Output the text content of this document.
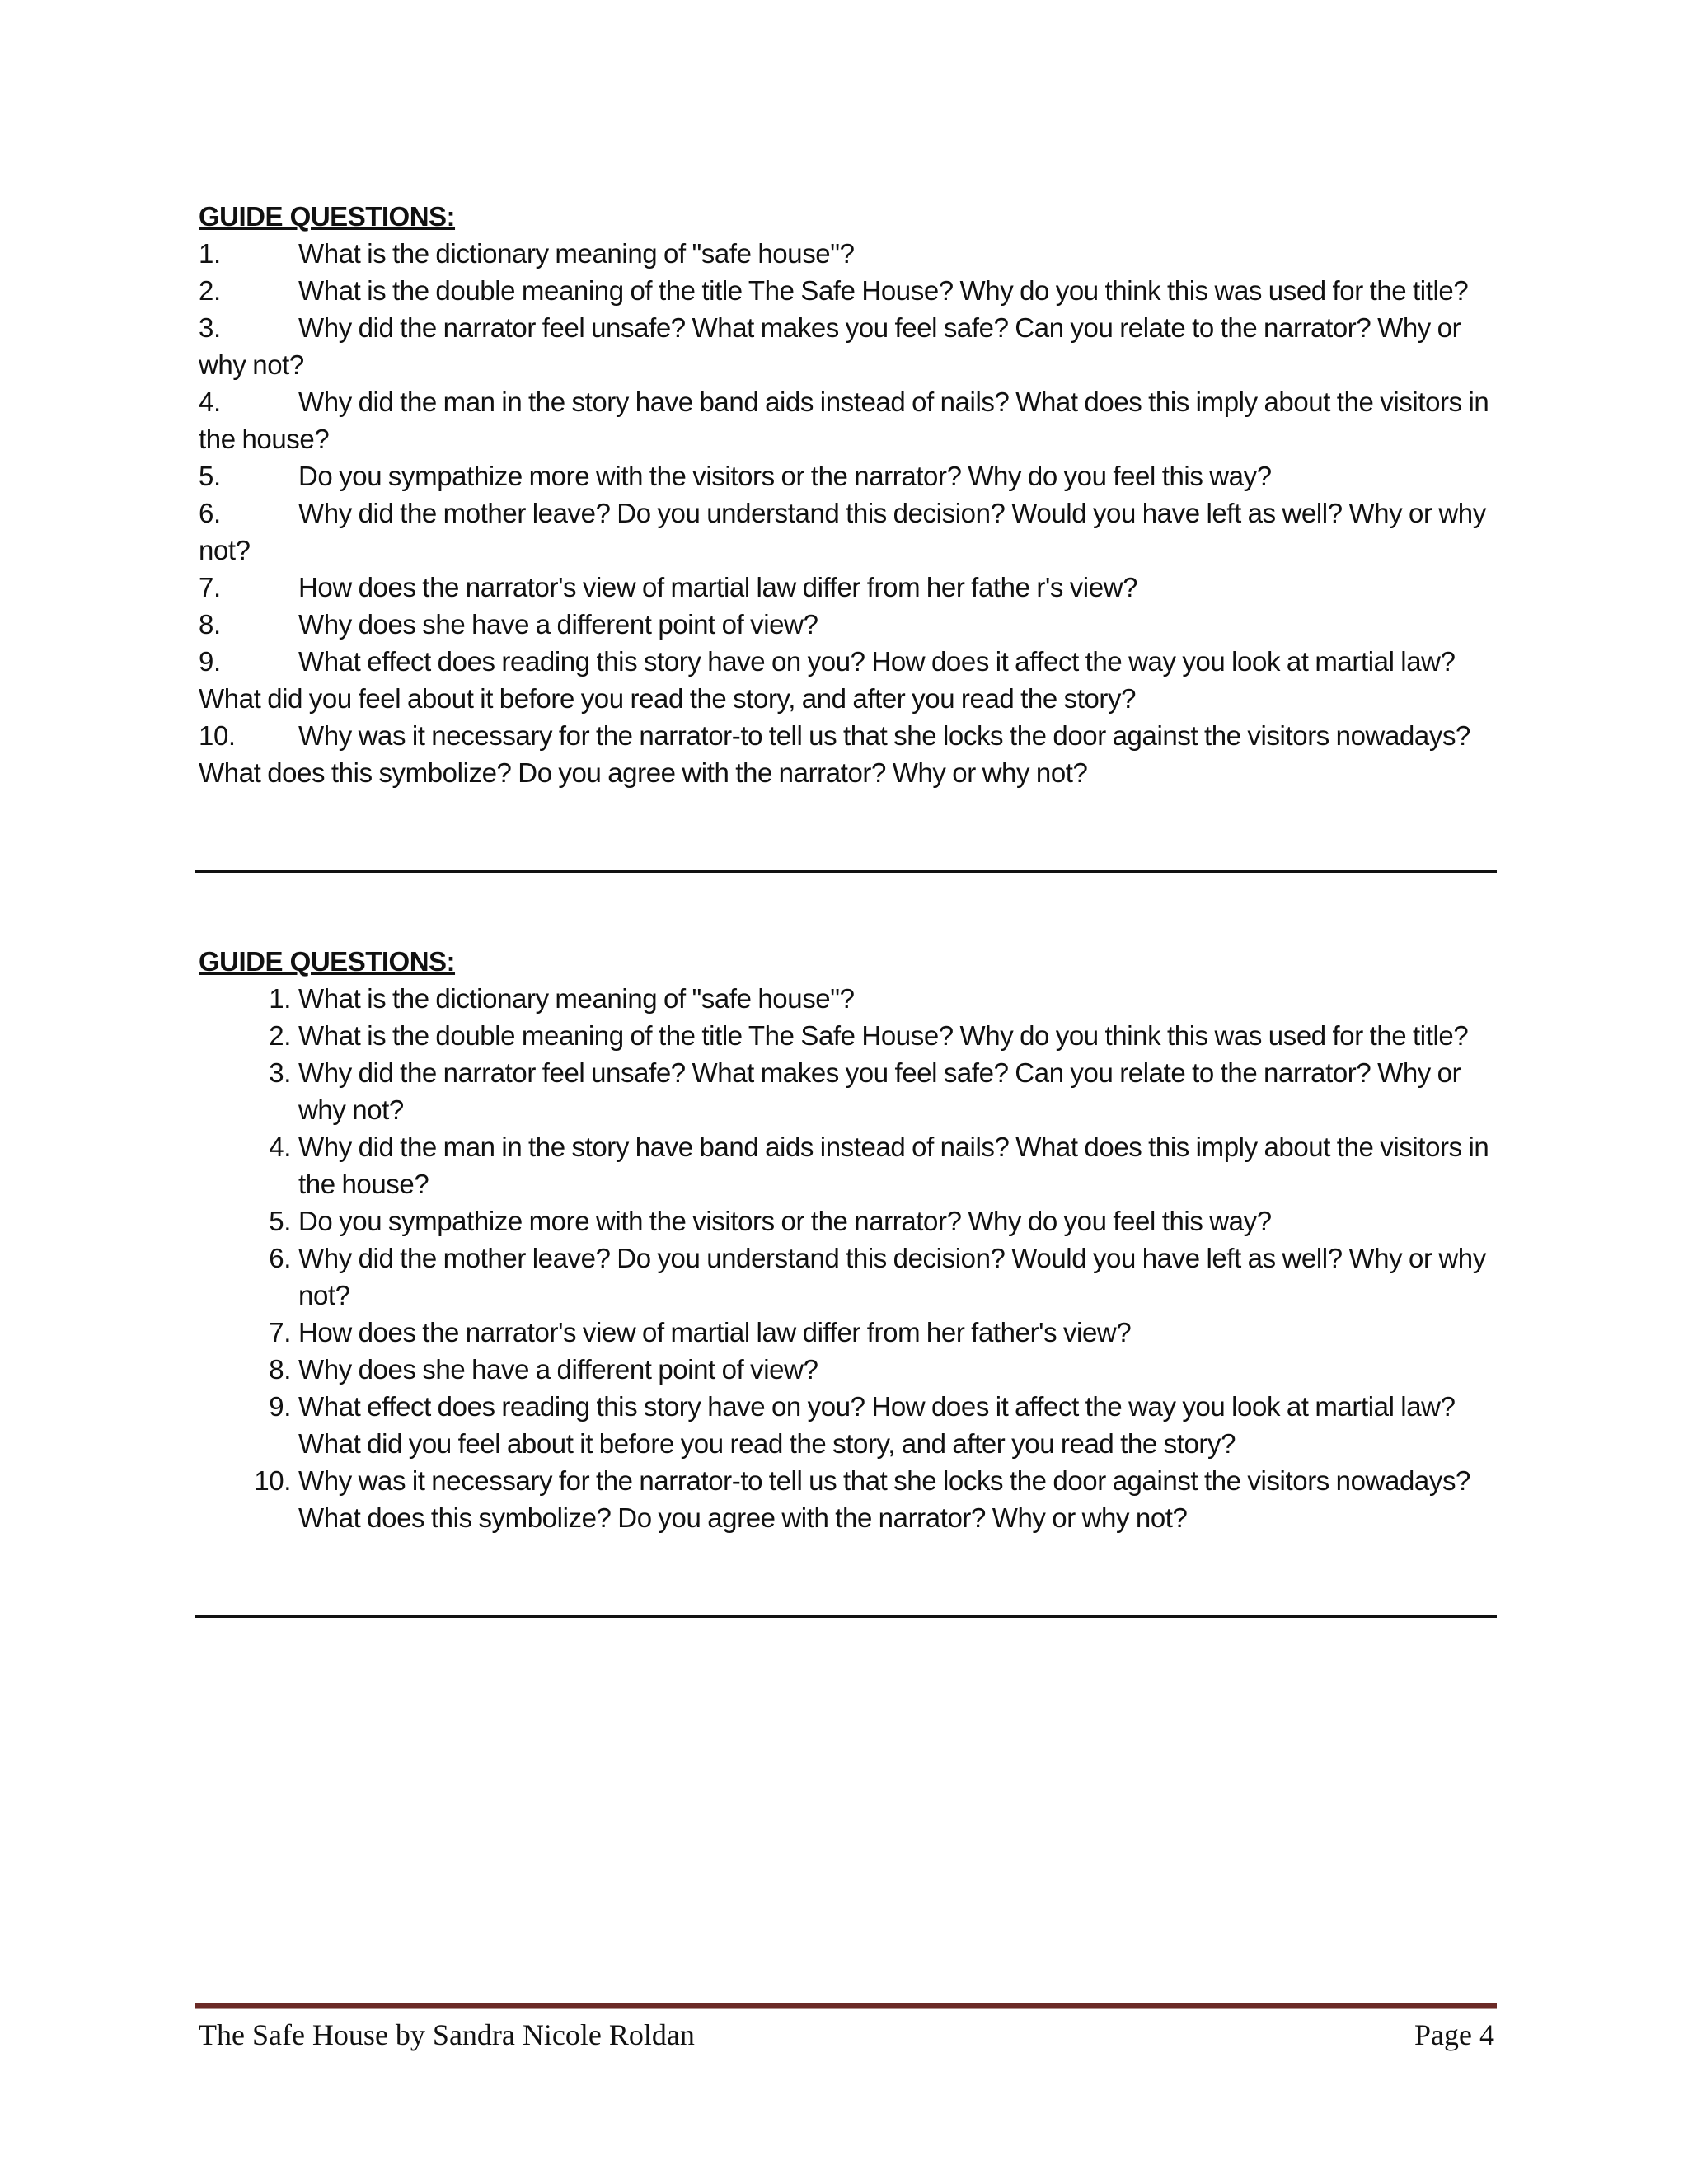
GUIDE QUESTIONS:

1.	What is the dictionary meaning of "safe house"?

2.	What is the double meaning of the title The Safe House? Why do you think this was used for the title?

3.	Why did the narrator feel unsafe? What makes you feel safe? Can you relate to the narrator? Why or why not?

4.	Why did the man in the story have band aids instead of nails? What does this imply about the visitors in the house?

5.	Do you sympathize more with the visitors or the narrator? Why do you feel this way?

6.	Why did the mother leave? Do you understand this decision? Would you have left as well? Why or why not?

7.	How does the narrator's view of martial law differ from her fathe r's view?

8.	Why does she have a different point of view?

9.	What effect does reading this story have on you? How does it affect the way you look at martial law? What did you feel about it before you read the story, and after you read the story?

10. Why was it necessary for the narrator-to tell us that she locks the door against the visitors nowadays? What does this symbolize? Do you agree with the narrator? Why or why not?

GUIDE QUESTIONS:

1. What is the dictionary meaning of "safe house"?

2. What is the double meaning of the title The Safe House? Why do you think this was used for the title?

3. Why did the narrator feel unsafe? What makes you feel safe? Can you relate to the narrator? Why or why not?

4. Why did the man in the story have band aids instead of nails? What does this imply about the visitors in the house?

5. Do you sympathize more with the visitors or the narrator? Why do you feel this way?

6. Why did the mother leave? Do you understand this decision? Would you have left as well? Why or why not?

7. How does the narrator's view of martial law differ from her father's view?

8. Why does she have a different point of view?

9. What effect does reading this story have on you? How does it affect the way you look at martial law? What did you feel about it before you read the story, and after you read the story?

10. Why was it necessary for the narrator-to tell us that she locks the door against the visitors nowadays? What does this symbolize? Do you agree with the narrator? Why or why not?

The Safe House by Sandra Nicole Roldan	Page 4
